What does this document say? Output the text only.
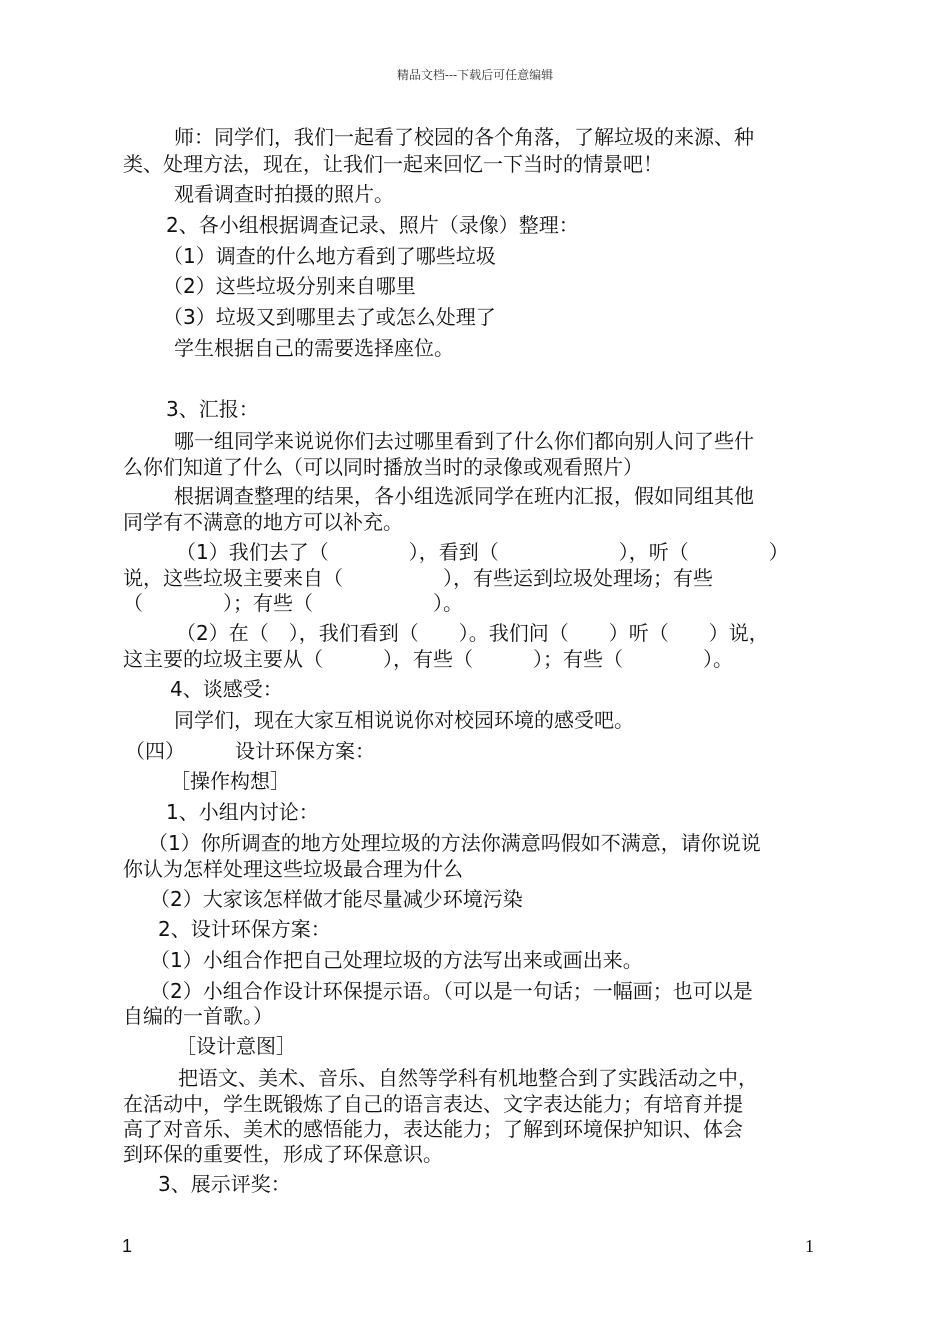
精品文档---下载后可任意编辑
师：同学们，我们一起看了校园的各个角落，了解垃圾的来源、种
类、处理方法，现在，让我们一起来回忆一下当时的情景吧！
观看调查时拍摄的照片。
2、各小组根据调查记录、照片（录像）整理：
（1）调查的什么地方看到了哪些垃圾
（2）这些垃圾分别来自哪里
（3）垃圾又到哪里去了或怎么处理了
学生根据自己的需要选择座位。
3、汇报：
哪一组同学来说说你们去过哪里看到了什么你们都向别人问了些什
么你们知道了什么（可以同时播放当时的录像或观看照片）
根据调查整理的结果，各小组选派同学在班内汇报，假如同组其他
同学有不满意的地方可以补充。
（1）我们去了（　　　　），看到（　　　　　　），听（　　　　）
说，这些垃圾主要来自（　　　　　），有些运到垃圾处理场；有些
（　　　　）；有些（　　　　　　）。
（2）在（　），我们看到（　　）。我们问（　　）听（　　）说，
这主要的垃圾主要从（　　　），有些（　　　）；有些（　　　　）。
4、谈感受：
同学们，现在大家互相说说你对校园环境的感受吧。
（四）　　　设计环保方案：
［操作构想］
1、小组内讨论：
（1）你所调查的地方处理垃圾的方法你满意吗假如不满意，请你说说
你认为怎样处理这些垃圾最合理为什么
（2）大家该怎样做才能尽量减少环境污染
2、设计环保方案：
（1）小组合作把自己处理垃圾的方法写出来或画出来。
（2）小组合作设计环保提示语。（可以是一句话；一幅画；也可以是
自编的一首歌。）
［设计意图］
把语文、美术、音乐、自然等学科有机地整合到了实践活动之中，
在活动中，学生既锻炼了自己的语言表达、文字表达能力；有培育并提
高了对音乐、美术的感悟能力，表达能力；了解到环境保护知识、体会
到环保的重要性，形成了环保意识。
3、展示评奖：
1	1
